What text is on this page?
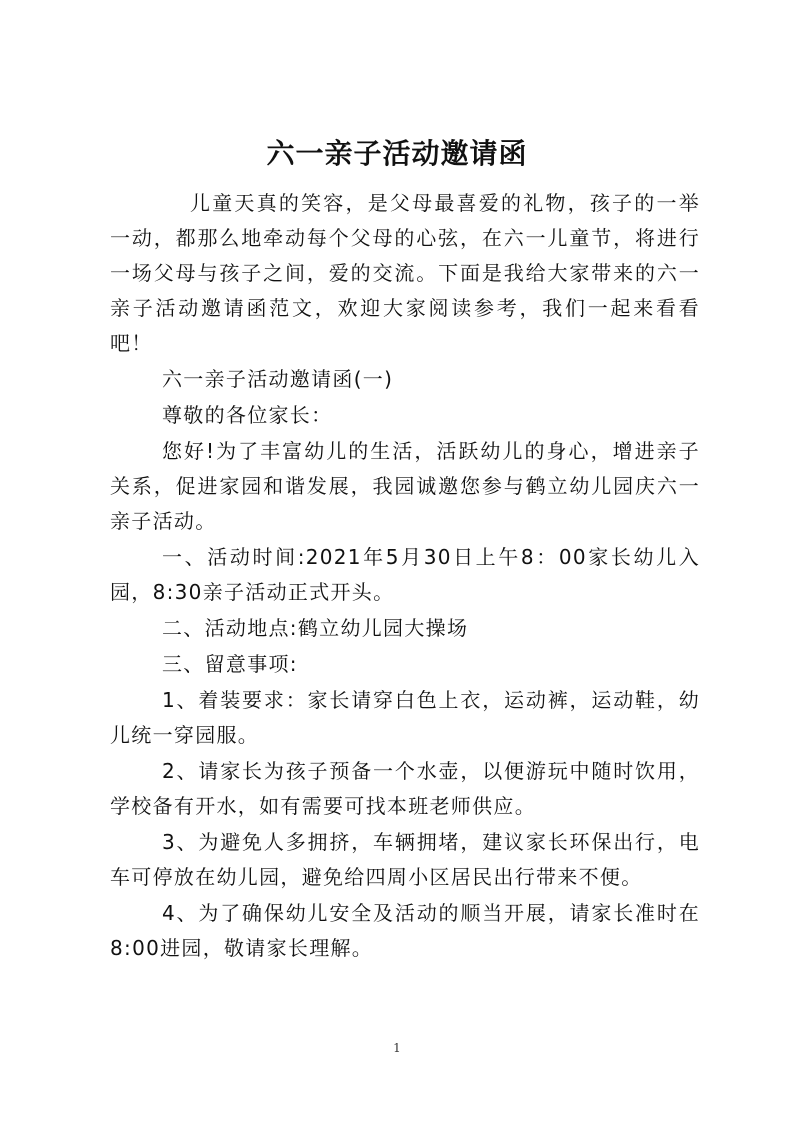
六一亲子活动邀请函

儿童天真的笑容，是父母最喜爱的礼物，孩子的一举一动，都那么地牵动每个父母的心弦，在六一儿童节，将进行一场父母与孩子之间，爱的交流。下面是我给大家带来的六一亲子活动邀请函范文，欢迎大家阅读参考，我们一起来看看吧！

六一亲子活动邀请函(一)

尊敬的各位家长：

您好!为了丰富幼儿的生活，活跃幼儿的身心，增进亲子关系，促进家园和谐发展，我园诚邀您参与鹤立幼儿园庆六一亲子活动。

一、活动时间:2021年5月30日上午8：00家长幼儿入园，8:30亲子活动正式开头。

二、活动地点:鹤立幼儿园大操场

三、留意事项:

1、着装要求：家长请穿白色上衣，运动裤，运动鞋，幼儿统一穿园服。

2、请家长为孩子预备一个水壶，以便游玩中随时饮用，学校备有开水，如有需要可找本班老师供应。

3、为避免人多拥挤，车辆拥堵，建议家长环保出行，电车可停放在幼儿园，避免给四周小区居民出行带来不便。

4、为了确保幼儿安全及活动的顺当开展，请家长准时在8:00进园，敬请家长理解。

1
